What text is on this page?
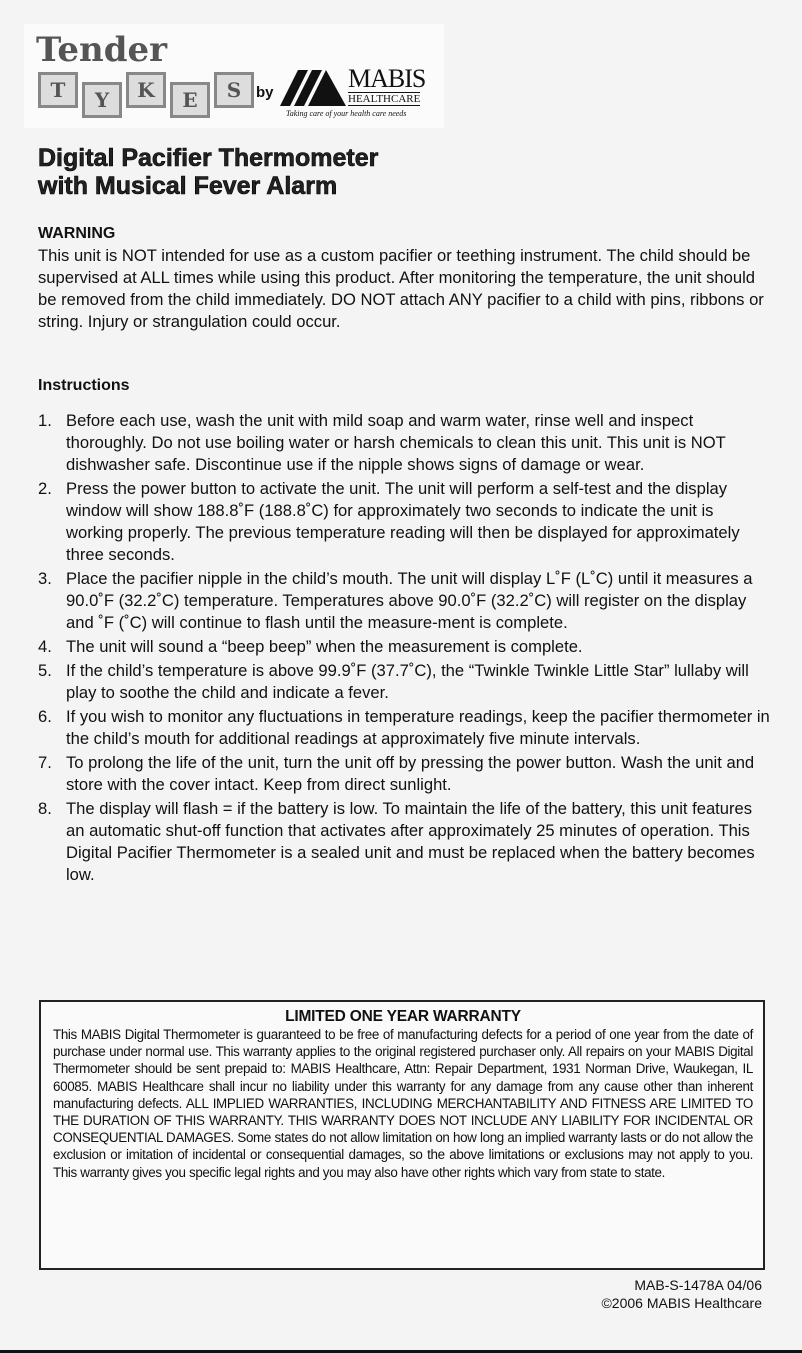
Tender
T	Y	K	E	S by	MABIS
HEALTHCARE
Taking care of your health care needs
Digital Pacifier Thermometer
with Musical Fever Alarm
WARNING
This unit is NOT intended for use as a custom pacifier or teething instrument. The child should be supervised at ALL times while using this product. After monitoring the temperature, the unit should be removed from the child immediately. DO NOT attach ANY pacifier to a child with pins, ribbons or string. Injury or strangulation could occur.
Instructions
1. Before each use, wash the unit with mild soap and warm water, rinse well and inspect thoroughly. Do not use boiling water or harsh chemicals to clean this unit. This unit is NOT dishwasher safe. Discontinue use if the nipple shows signs of damage or wear.
2. Press the power button to activate the unit. The unit will perform a self-test and the display window will show 188.8˚F (188.8˚C) for approximately two seconds to indicate the unit is working properly. The previous temperature reading will then be displayed for approximately three seconds.
3. Place the pacifier nipple in the child’s mouth. The unit will display L˚F (L˚C) until it measures a 90.0˚F (32.2˚C) temperature. Temperatures above 90.0˚F (32.2˚C) will register on the display and ˚F (˚C) will continue to flash until the measure-ment is complete.
4. The unit will sound a “beep beep” when the measurement is complete.
5. If the child’s temperature is above 99.9˚F (37.7˚C), the “Twinkle Twinkle Little Star” lullaby will play to soothe the child and indicate a fever.
6. If you wish to monitor any fluctuations in temperature readings, keep the pacifier thermometer in the child’s mouth for additional readings at approximately five minute intervals.
7. To prolong the life of the unit, turn the unit off by pressing the power button. Wash the unit and store with the cover intact. Keep from direct sunlight.
8. The display will flash = if the battery is low. To maintain the life of the battery, this unit features an automatic shut-off function that activates after approximately 25 minutes of operation. This Digital Pacifier Thermometer is a sealed unit and must be replaced when the battery becomes low.
LIMITED ONE YEAR WARRANTY

This MABIS Digital Thermometer is guaranteed to be free of manufacturing defects for a period of one year from the date of purchase under normal use. This warranty applies to the original registered purchaser only. All repairs on your MABIS Digital Thermometer should be sent prepaid to: MABIS Healthcare, Attn: Repair Department, 1931 Norman Drive, Waukegan, IL 60085. MABIS Healthcare shall incur no liability under this warranty for any damage from any cause other than inherent manufacturing defects. ALL IMPLIED WARRANTIES, INCLUDING MERCHANTABILITY AND FITNESS ARE LIMITED TO THE DURATION OF THIS WARRANTY. THIS WARRANTY DOES NOT INCLUDE ANY LIABILITY FOR INCIDENTAL OR CONSEQUENTIAL DAMAGES. Some states do not allow limitation on how long an implied warranty lasts or do not allow the exclusion or imitation of incidental or consequential damages, so the above limitations or exclusions may not apply to you. This warranty gives you specific legal rights and you may also have other rights which vary from state to state.

MAB-S-1478A 04/06
©2006 MABIS Healthcare
